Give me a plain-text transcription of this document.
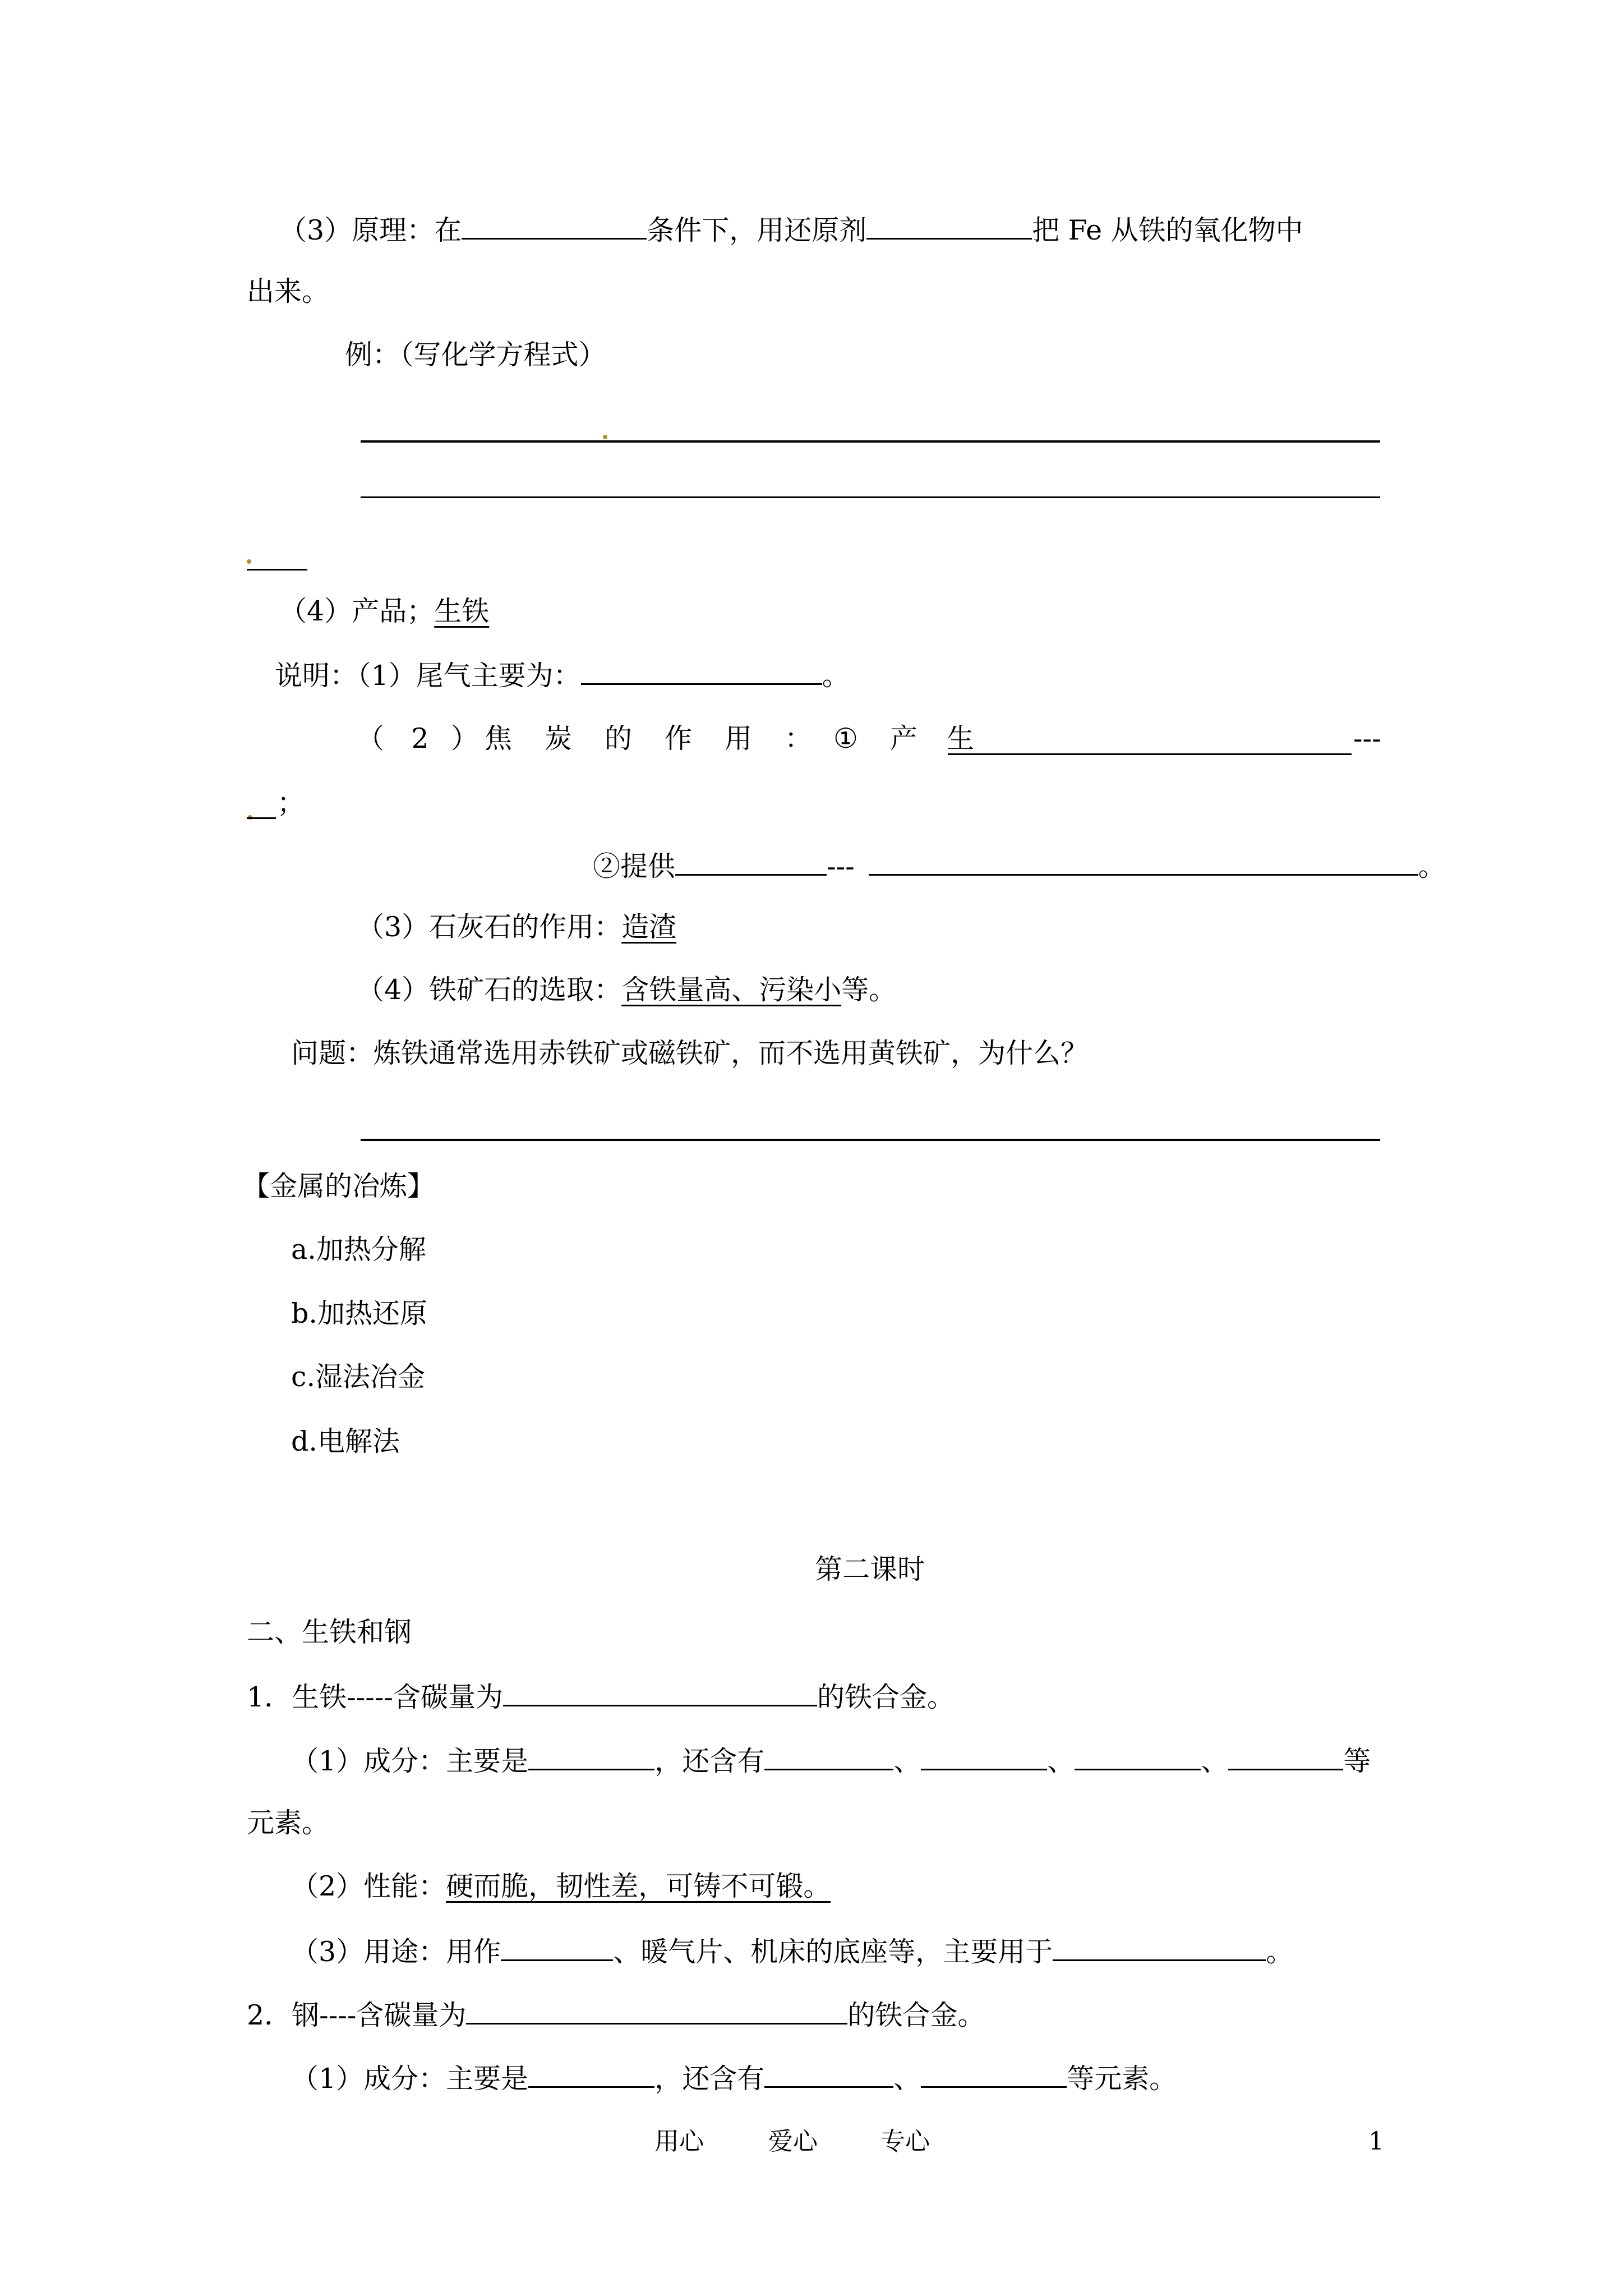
（3）原理：在	条件下，用还原剂	把 Fe 从铁的氧化物中
出来。
例：（写化学方程式）
（4）产品；生铁
说明：（1）尾气主要为：	。
（ 2 ） 焦 炭 的 作 用 ： ① 产 生	---
；
②提供	---	。
（3）石灰石的作用：造渣
（4）铁矿石的选取：含铁量高、污染小等。
问题：炼铁通常选用赤铁矿或磁铁矿，而不选用黄铁矿，为什么？
【金属的冶炼】
a.加热分解
b.加热还原
c.湿法冶金
d.电解法
第二课时
二、生铁和钢
1．生铁-----含碳量为	的铁合金。
（1）成分：主要是	，还含有	、	、	、	等
元素。
（2）性能：硬而脆，韧性差，可铸不可锻。
（3）用途：用作	、暖气片、机床的底座等，主要用于	。
2．钢----含碳量为	的铁合金。
（1）成分：主要是	，还含有	、	等元素。
用心	爱心	专心	1
